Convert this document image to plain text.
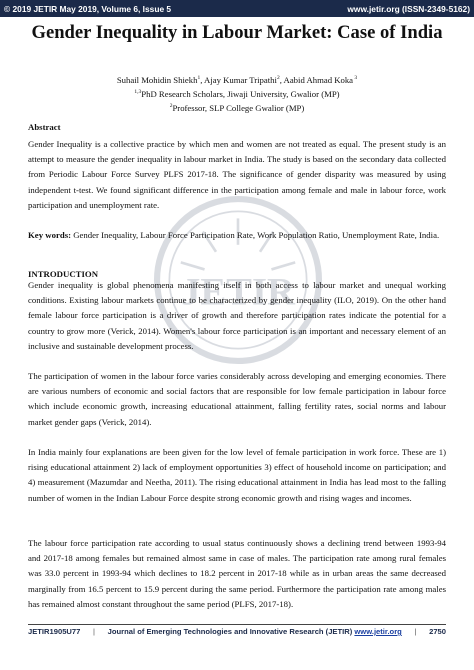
© 2019 JETIR May 2019, Volume 6, Issue 5	www.jetir.org (ISSN-2349-5162)
Gender Inequality in Labour Market: Case of India
Suhail Mohidin Shiekh$^1$, Ajay Kumar Tripathi$^2$, Aabid Ahmad Koka $^3$
$^{1,3}$PhD Research Scholars, Jiwaji University, Gwalior (MP)
$^2$Professor, SLP College Gwalior (MP)
JETIR
Abstract
Gender Inequality is a collective practice by which men and women are not treated as equal. The present study is an attempt to measure the gender inequality in labour market in India. The study is based on the secondary data collected from Periodic Labour Force Survey PLFS 2017-18. The significance of gender disparity was measured by using independent t-test. We found significant difference in the participation among female and male in labour force, work participation and unemployment rate.
Key words: Gender Inequality, Labour Force Participation Rate, Work Population Ratio, Unemployment Rate, India.
INTRODUCTION
Gender inequality is global phenomena manifesting itself in both access to labour market and unequal working conditions. Existing labour markets continue to be characterized by gender inequality (ILO, 2019). On the other hand female labour force participation is a driver of growth and therefore participation rates indicate the potential for a country to grow more (Verick, 2014). Women's labour force participation is an important and necessary element of an inclusive and sustainable development process.
The participation of women in the labour force varies considerably across developing and emerging economies. There are various numbers of economic and social factors that are responsible for low female participation in labour force which include economic growth, increasing educational attainment, falling fertility rates, social norms and labour market gender gaps (Verick, 2014).
In India mainly four explanations are been given for the low level of female participation in work force. These are 1) rising educational attainment 2) lack of employment opportunities 3) effect of household income on participation; and 4) measurement (Mazumdar and Neetha, 2011). The rising educational attainment in India has lead most to the falling number of women in the Indian Labour Force despite strong economic growth and rising wages and incomes.
The labour force participation rate according to usual status continuously shows a declining trend between 1993-94 and 2017-18 among females but remained almost same in case of males. The participation rate among rural females was 33.0 percent in 1993-94 which declines to 18.2 percent in 2017-18 while as in urban areas the same decreased marginally from 16.5 percent to 15.9 percent during the same period. Furthermore the participation rate among males has remained almost constant throughout the same period (PLFS, 2017-18).
JETIR1905U77	|	Journal of Emerging Technologies and Innovative Research (JETIR) www.jetir.org	|	2750
